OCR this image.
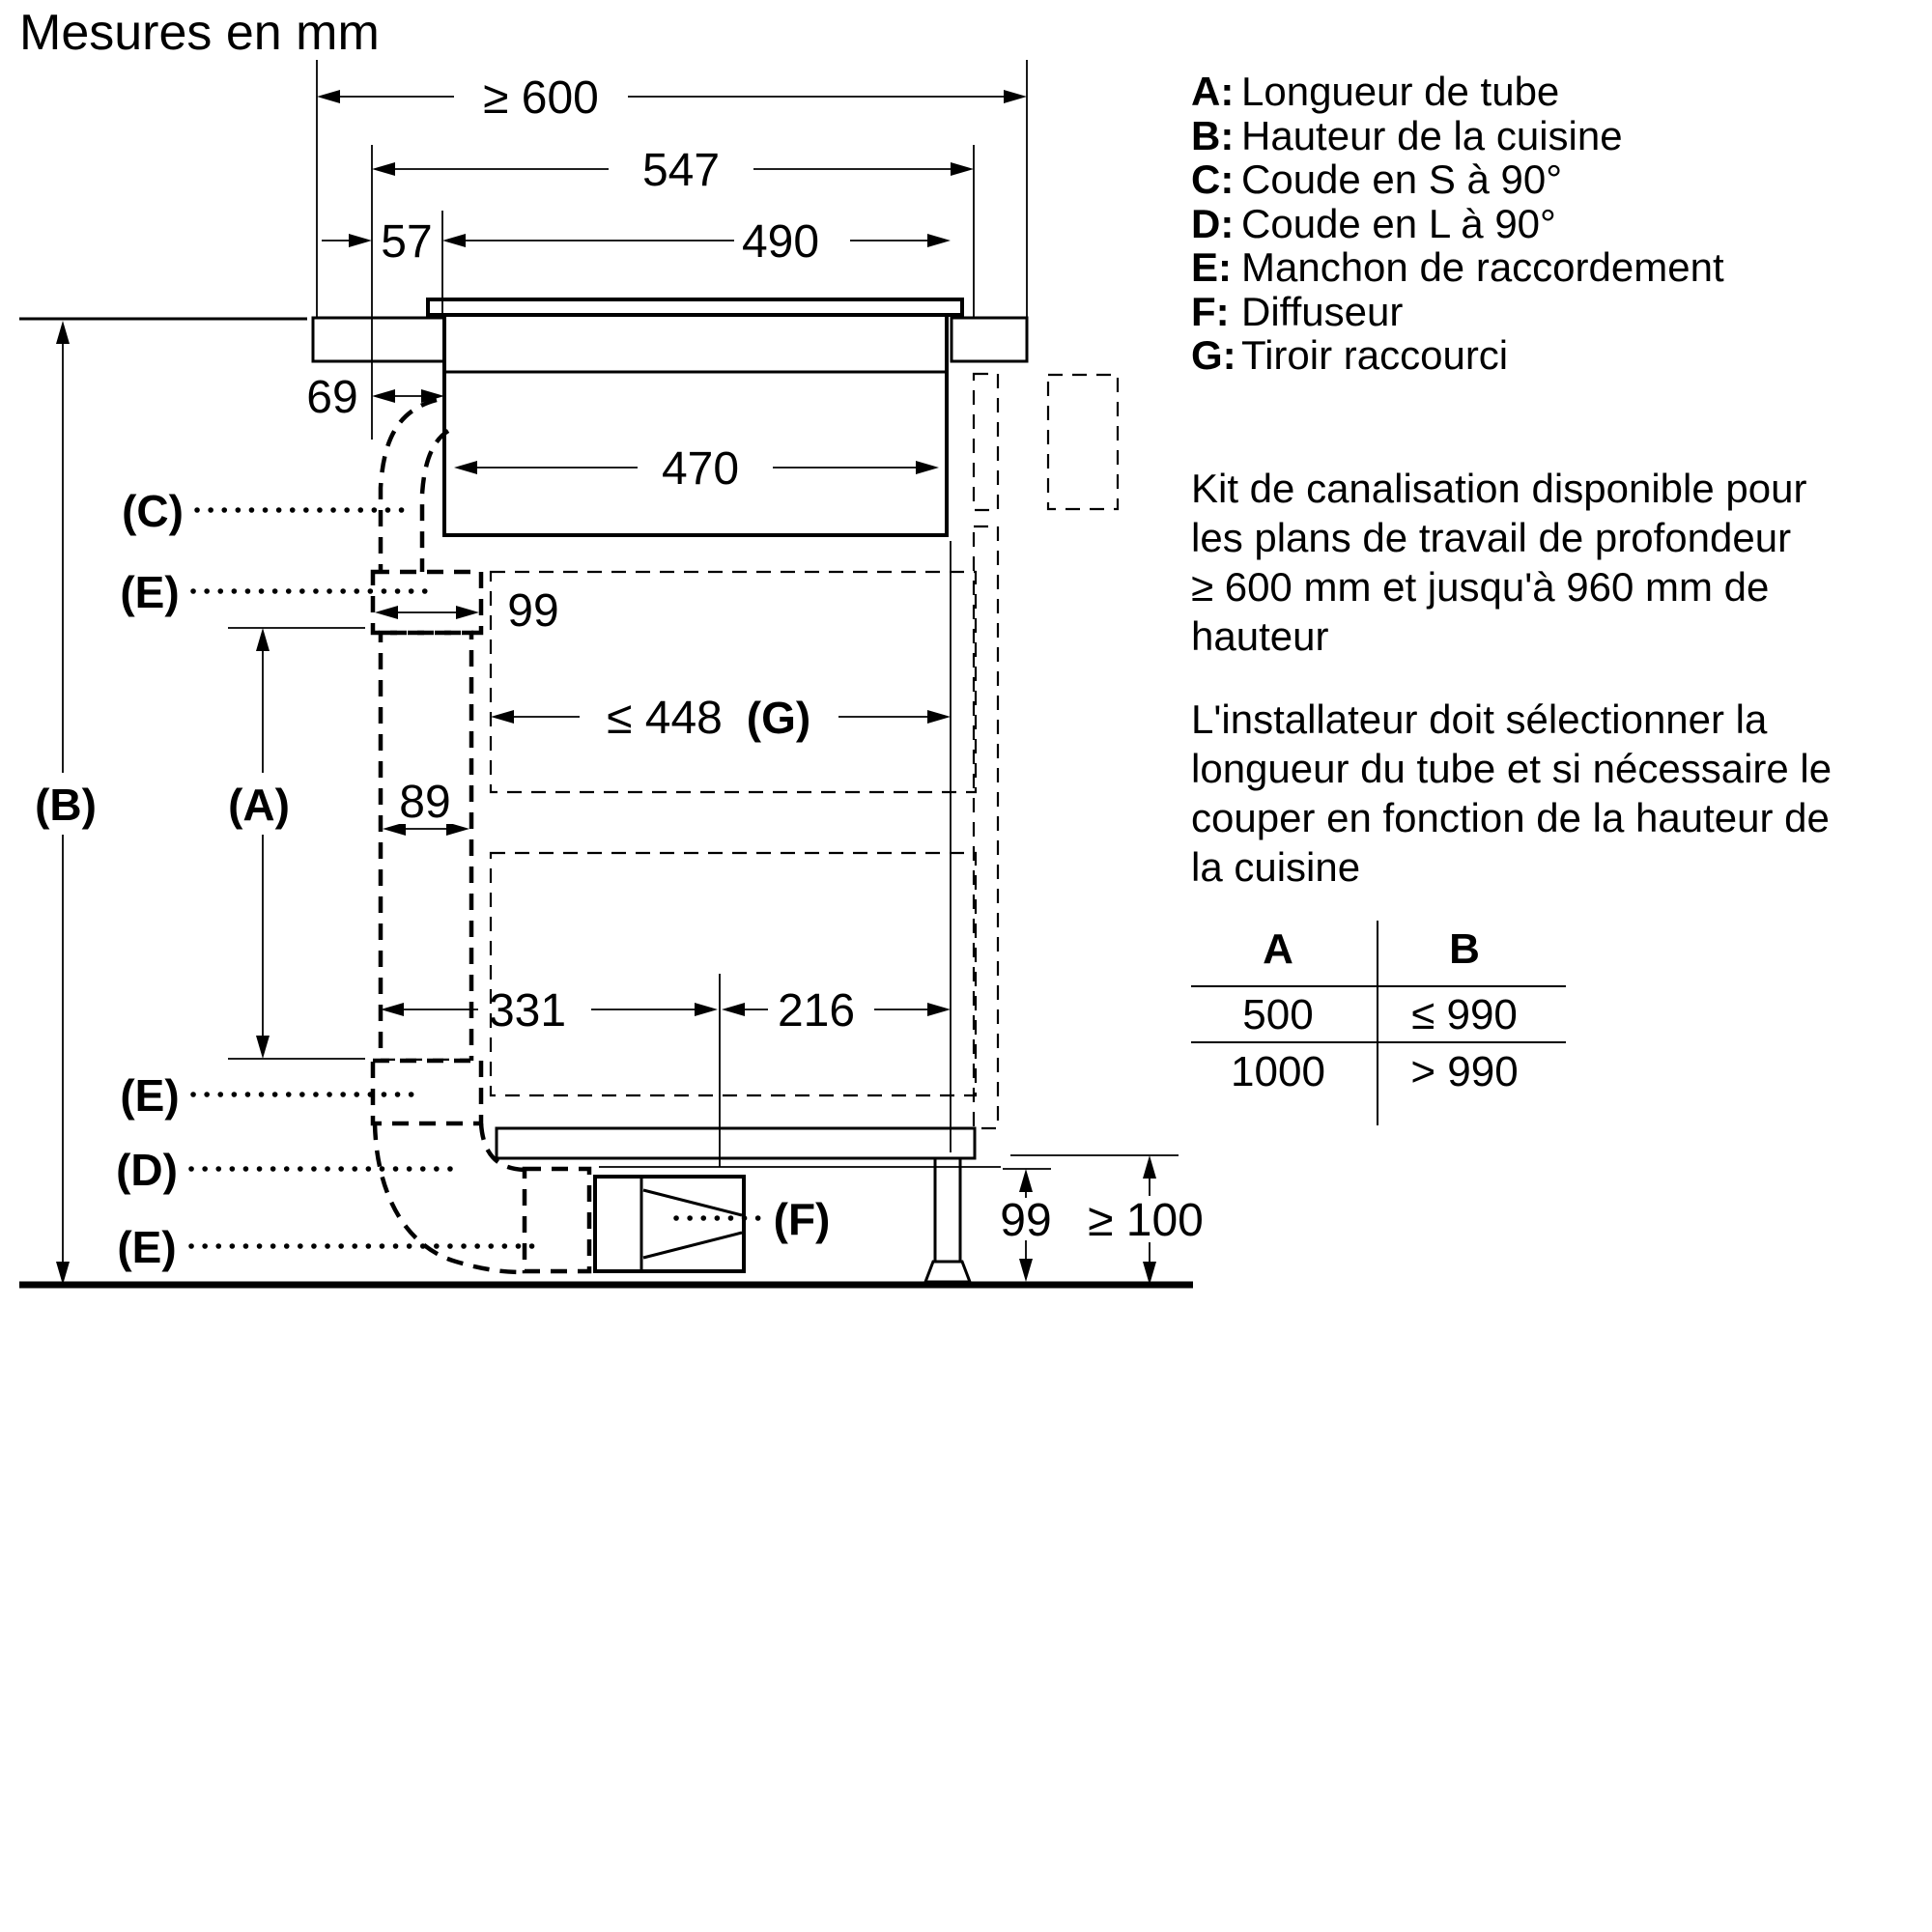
Mesures en mm
≥ 600
547
57	490
69
470
99
≤ 448 (G)
89
331	216
99 ≥ 100
(A)
(B)
(C)
(E)
(E)
(D)
(E)
(F)
A: Longueur de tube
B: Hauteur de la cuisine
C: Coude en S à 90°
D: Coude en L à 90°
E: Manchon de raccordement
F: Diffuseur
G: Tiroir raccourci
Kit de canalisation disponible pour
les plans de travail de profondeur
≥ 600 mm et jusqu'à 960 mm de
hauteur
L'installateur doit sélectionner la
longueur du tube et si nécessaire le
couper en fonction de la hauteur de
la cuisine
A	B
500	≤ 990
1000	> 990
